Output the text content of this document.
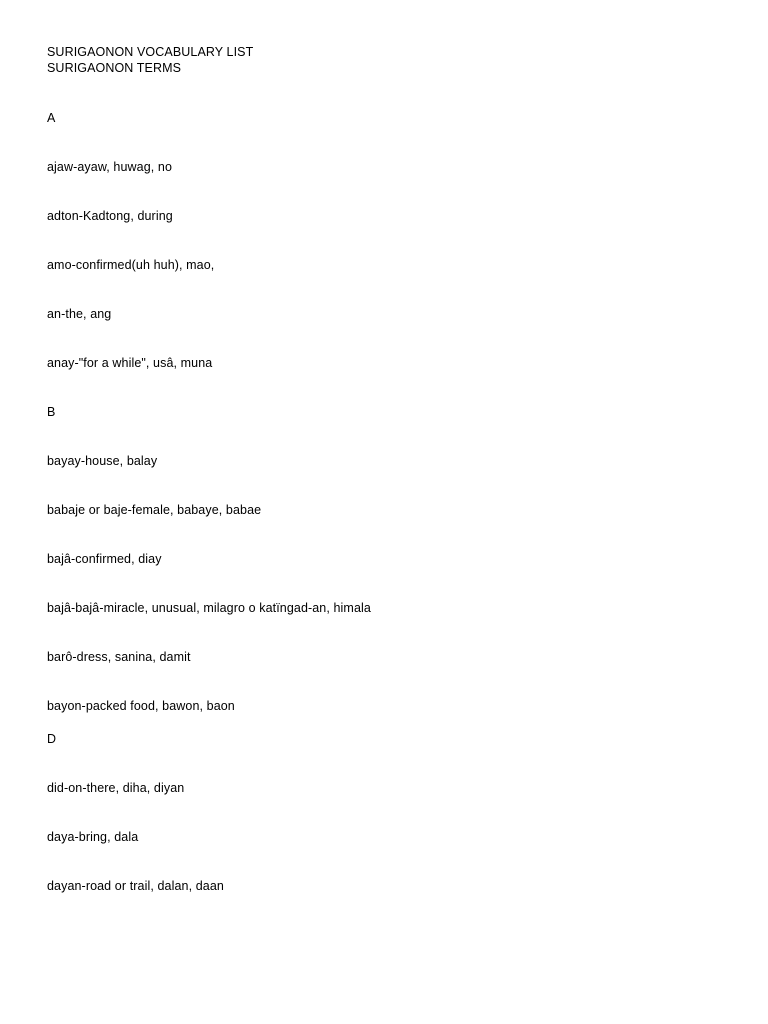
SURIGAONON VOCABULARY LIST
SURIGAONON TERMS
A
ajaw-ayaw, huwag, no
adton-Kadtong, during
amo-confirmed(uh huh), mao,
an-the, ang
anay-"for a while", usâ, muna
B
bayay-house, balay
babaje or baje-female, babaye, babae
bajâ-confirmed, diay
bajâ-bajâ-miracle, unusual, milagro o katïngad-an, himala
barô-dress, sanina, damit
bayon-packed food, bawon, baon
D
did-on-there, diha, diyan
daya-bring, dala
dayan-road or trail, dalan, daan
